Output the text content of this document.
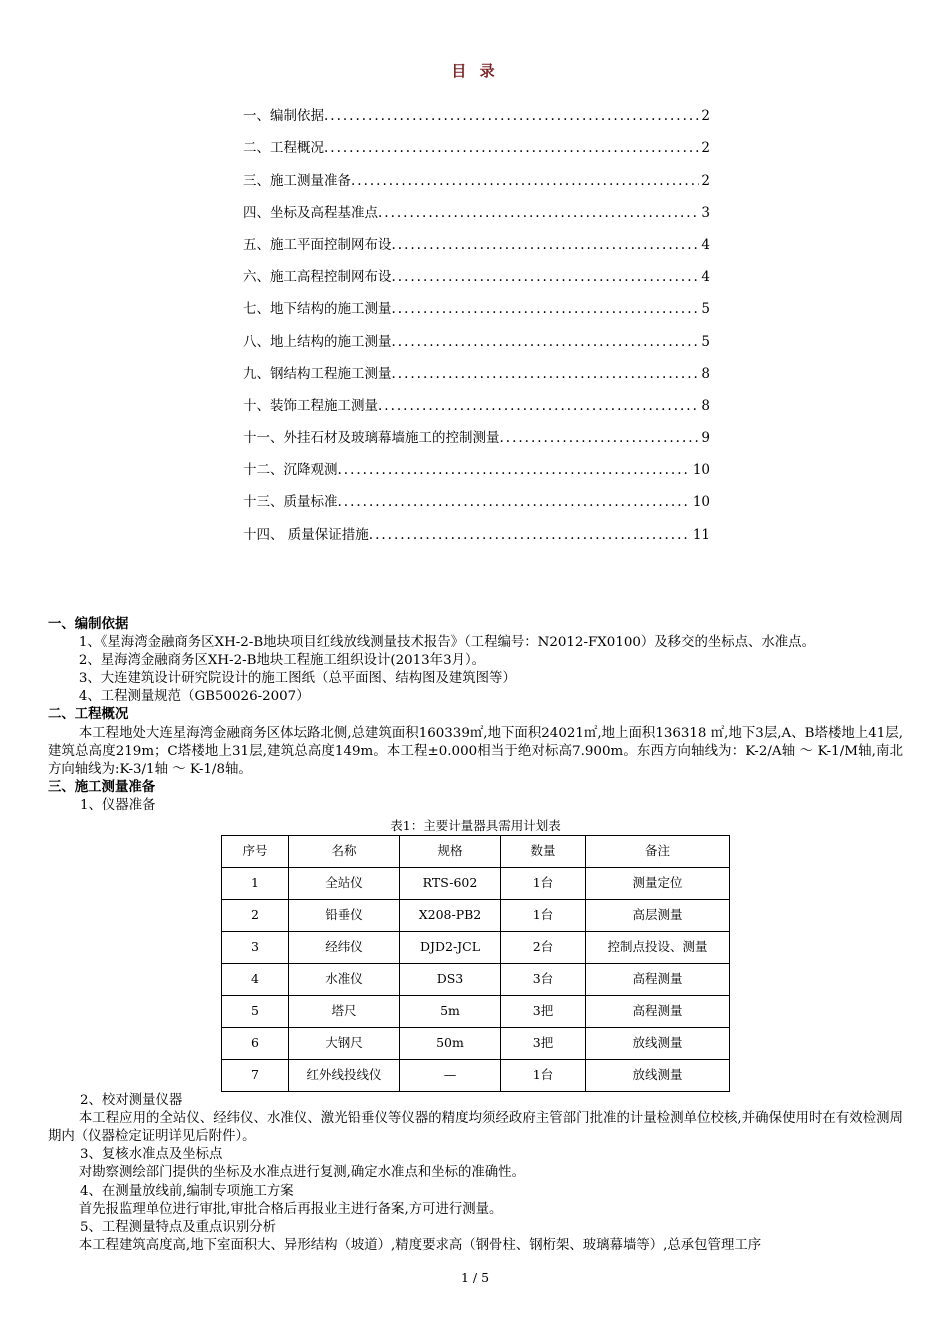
目 录
一、编制依据 .....	2
二、工程概况 .....	2
三、施工测量准备 .....	2
四、坐标及高程基准点 .....	3
五、施工平面控制网布设 .....	4
六、施工高程控制网布设 .....	4
七、地下结构的施工测量 .....	5
八、地上结构的施工测量 .....	5
九、钢结构工程施工测量 .....	8
十、装饰工程施工测量 .....	8
十一、外挂石材及玻璃幕墙施工的控制测量 .....	9
十二、沉降观测 .....	10
十三、质量标准 .....	10
十四、 质量保证措施 .....	11
一、编制依据

1、《星海湾金融商务区XH-2-B地块项目红线放线测量技术报告》（工程编号：N2012-FX0100）及移交的坐标点、水准点。

2、星海湾金融商务区XH-2-B地块工程施工组织设计(2013年3月）。

3、大连建筑设计研究院设计的施工图纸（总平面图、结构图及建筑图等）

4、工程测量规范（GB50026-2007）

二、工程概况

本工程地处大连星海湾金融商务区体坛路北侧,总建筑面积160339㎡,地下面积24021㎡,地上面积136318 ㎡,地下3层,A、B塔楼地上41层,建筑总高度219m；C塔楼地上31层,建筑总高度149m。本工程±0.000相当于绝对标高7.900m。东西方向轴线为：K-2/A轴 ～ K-1/M轴,南北方向轴线为:K-3/1轴 ～ K-1/8轴。

三、施工测量准备

1、仪器准备

表1：主要计量器具需用计划表
序号	名称	规格	数量	备注
1	全站仪	RTS-602	1台	测量定位
2	铅垂仪	X208-PB2	1台	高层测量
3	经纬仪	DJD2-JCL	2台	控制点投设、测量
4	水准仪	DS3	3台	高程测量
5	塔尺	5m	3把	高程测量
6	大钢尺	50m	3把	放线测量
7	红外线投线仪	—	1台	放线测量

2、校对测量仪器

本工程应用的全站仪、经纬仪、水准仪、激光铅垂仪等仪器的精度均须经政府主管部门批准的计量检测单位校核,并确保使用时在有效检测周期内（仪器检定证明详见后附件）。

3、复核水准点及坐标点

对勘察测绘部门提供的坐标及水准点进行复测,确定水准点和坐标的准确性。

4、在测量放线前,编制专项施工方案

首先报监理单位进行审批,审批合格后再报业主进行备案,方可进行测量。

5、工程测量特点及重点识别分析

本工程建筑高度高,地下室面积大、异形结构（坡道）,精度要求高（钢骨柱、钢桁架、玻璃幕墙等）,总承包管理工序

1 / 5
